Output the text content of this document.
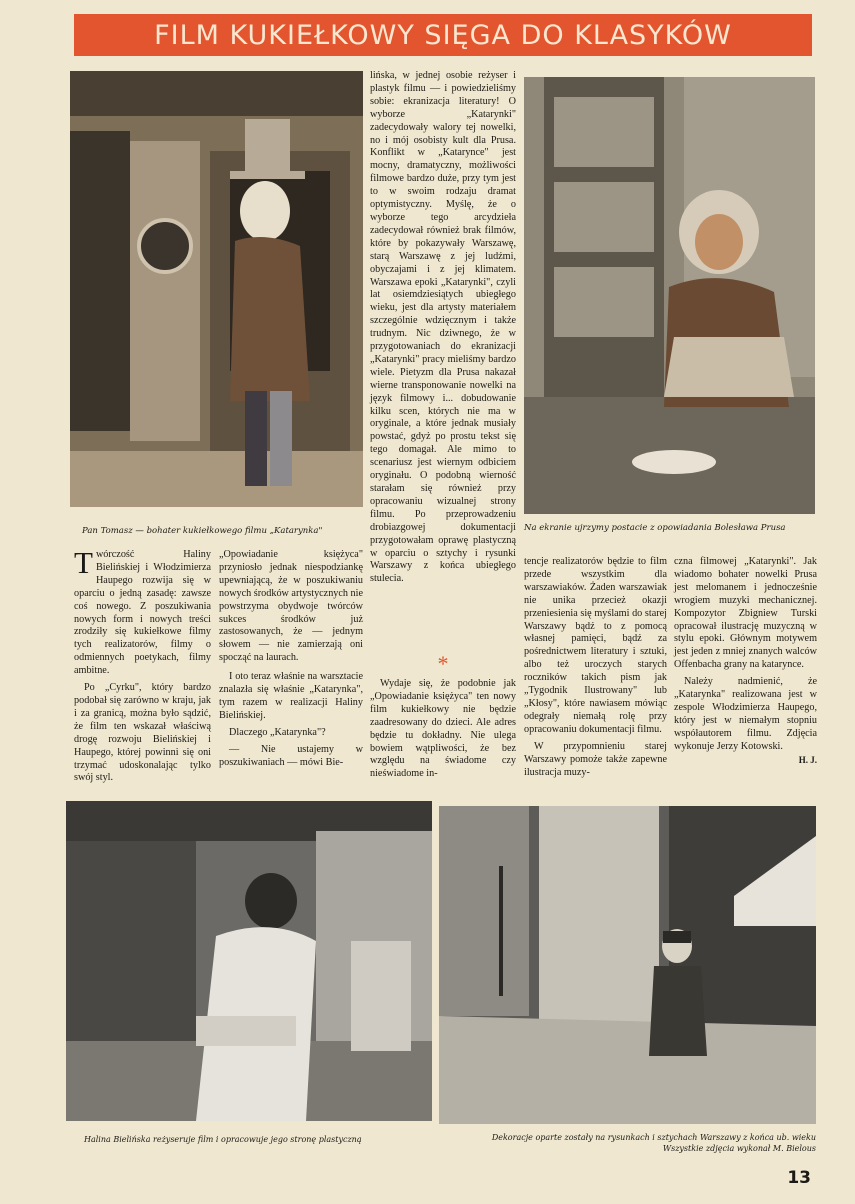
FILM KUKIEŁKOWY SIĘGA DO KLASYKÓW
Pan Tomasz — bohater kukiełkowego filmu „Katarynka"	Na ekranie ujrzymy postacie z opowiadania Bolesława Prusa

lińska, w jednej osobie reżyser i plastyk filmu — i powiedzieliśmy sobie: ekranizacja literatury! O wyborze „Katarynki" zadecydowały walory tej nowelki, no i mój osobisty kult dla Prusa. Konflikt w „Katarynce" jest mocny, dramatyczny, możliwości filmowe bardzo duże, przy tym jest to w swoim rodzaju dramat optymistyczny. Myślę, że o wyborze tego arcydzieła zadecydował również brak filmów, które by pokazywały Warszawę, starą Warszawę z jej ludźmi, obyczajami i z jej klimatem. Warszawa epoki „Katarynki", czyli lat osiemdziesiątych ubiegłego wieku, jest dla artysty materiałem szczególnie wdzięcznym i także trudnym. Nic dziwnego, że w przygotowaniach do ekranizacji „Katarynki" pracy mieliśmy bardzo wiele. Pietyzm dla Prusa nakazał wierne transponowanie nowelki na język filmowy i... dobudowanie kilku scen, których nie ma w oryginale, a które jednak musiały powstać, gdyż po prostu tekst się tego domagał. Ale mimo to scenariusz jest wiernym odbiciem oryginału. O podobną wierność starałam się również przy opracowaniu wizualnej strony filmu. Po przeprowadzeniu drobiazgowej dokumentacji przygotowałam oprawę plastyczną w oparciu o sztychy i rysunki Warszawy z końca ubiegłego stulecia.

Twórczość Haliny Bielińskiej i Włodzimierza Haupego rozwija się w oparciu o jedną zasadę: zawsze coś nowego. Z poszukiwania nowych form i nowych treści zrodziły się kukiełkowe filmy tych realizatorów, filmy o odmiennych poetykach, filmy ambitne.

Po „Cyrku", który bardzo podobał się zarówno w kraju, jak i za granicą, można było sądzić, że film ten wskazał właściwą drogę rozwoju Bielińskiej i Haupego, której powinni się oni trzymać udoskonalając tylko swój styl.

„Opowiadanie księżyca" przyniosło jednak niespodziankę upewniającą, że w poszukiwaniu nowych środków artystycznych nie powstrzyma obydwoje twórców sukces środków już zastosowanych, że — jednym słowem — nie zamierzają oni spocząć na laurach.

I oto teraz właśnie na warsztacie znalazła się właśnie „Katarynka", tym razem w realizacji Haliny Bielińskiej.

Dlaczego „Katarynka"?

— Nie ustajemy w poszukiwaniach — mówi Bie-

*

Wydaje się, że podobnie jak „Opowiadanie księżyca" ten nowy film kukiełkowy nie będzie zaadresowany do dzieci. Ale adres będzie tu dokładny. Nie ulega bowiem wątpliwości, że bez względu na świadome czy nieświadome in-

tencje realizatorów będzie to film przede wszystkim dla warszawiaków. Żaden warszawiak nie unika przecież okazji przeniesienia się myślami do starej Warszawy bądź to z pomocą własnej pamięci, bądź za pośrednictwem literatury i sztuki, albo też uroczych starych roczników takich pism jak „Tygodnik Ilustrowany" lub „Kłosy", które nawiasem mówiąc odegrały niemałą rolę przy opracowaniu dokumentacji filmu.

W przypomnieniu starej Warszawy pomoże także zapewne ilustracja muzy-

czna filmowej „Katarynki". Jak wiadomo bohater nowelki Prusa jest melomanem i jednocześnie wrogiem muzyki mechanicznej. Kompozytor Zbigniew Turski opracował ilustrację muzyczną w stylu epoki. Głównym motywem jest jeden z mniej znanych walców Offenbacha grany na katarynce.

Należy nadmienić, że „Katarynka" realizowana jest w zespole Włodzimierza Haupego, który jest w niemałym stopniu współautorem filmu. Zdjęcia wykonuje Jerzy Kotowski.

H. J.
Halina Bielińska reżyseruje film i opracowuje jego stronę plastyczną	Dekoracje oparte zostały na rysunkach i sztychach Warszawy z końca ub. wieku
Wszystkie zdjęcia wykonał M. Bielous
13
